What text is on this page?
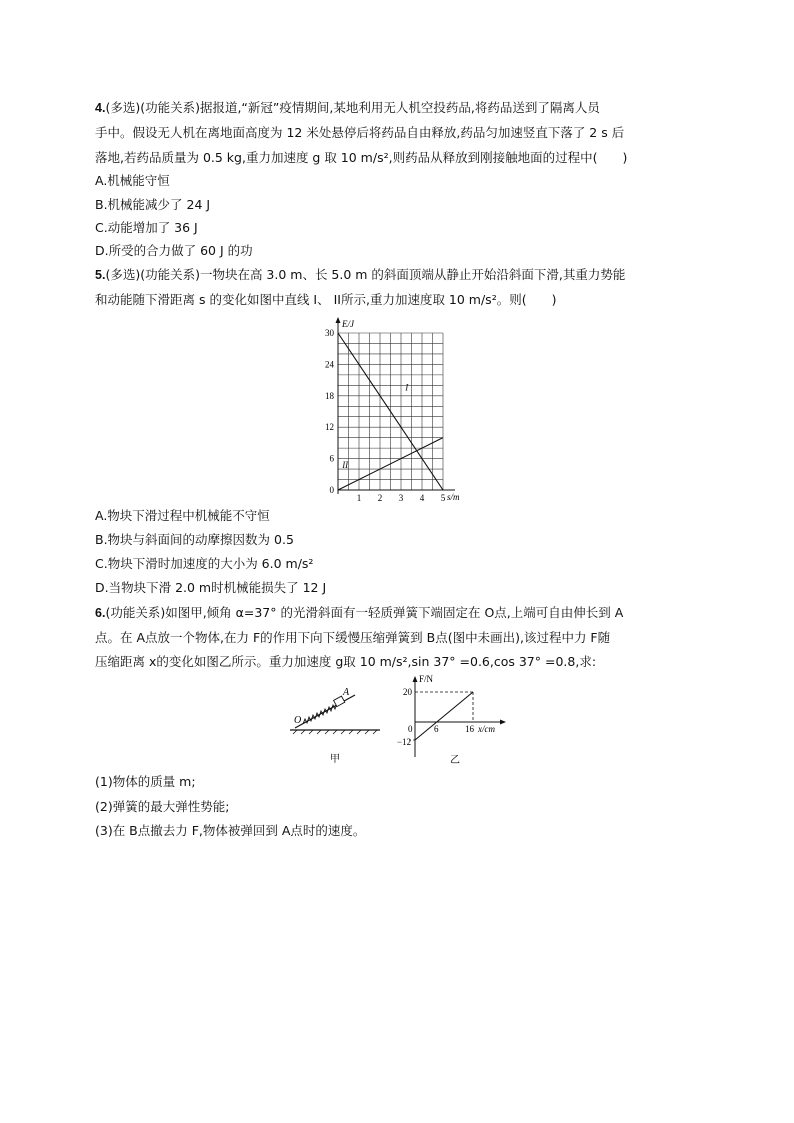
4.(多选)(功能关系)据报道,“新冠”疫情期间,某地利用无人机空投药品,将药品送到了隔离人员
手中。假设无人机在离地面高度为 12 米处悬停后将药品自由释放,药品匀加速竖直下落了 2 s 后
落地,若药品质量为 0.5 kg,重力加速度 g 取 10 m/s²,则药品从释放到刚接触地面的过程中(　　)
A.机械能守恒
B.机械能减少了 24 J
C.动能增加了 36 J
D.所受的合力做了 60 J 的功
5.(多选)(功能关系)一物块在高 3.0 m、长 5.0 m 的斜面顶端从静止开始沿斜面下滑,其重力势能
和动能随下滑距离 s 的变化如图中直线 I、 II所示,重力加速度取 10 m/s²。则(　　)
E/J
s/m
I
II
0
6
12
18
24
30
1 2 3 4 5
A.物块下滑过程中机械能不守恒
B.物块与斜面间的动摩擦因数为 0.5
C.物块下滑时加速度的大小为 6.0 m/s²
D.当物块下滑 2.0 m时机械能损失了 12 J
6.(功能关系)如图甲,倾角 α=37° 的光滑斜面有一轻质弹簧下端固定在 O点,上端可自由伸长到 A
点。在 A点放一个物体,在力 F的作用下向下缓慢压缩弹簧到 B点(图中未画出),该过程中力 F随
压缩距离 x的变化如图乙所示。重力加速度 g取 10 m/s²,sin 37° =0.6,cos 37° =0.8,求:
O
A
甲
F/N
20
−12
0 6	16 x/cm
乙
(1)物体的质量 m;
(2)弹簧的最大弹性势能;
(3)在 B点撤去力 F,物体被弹回到 A点时的速度。
